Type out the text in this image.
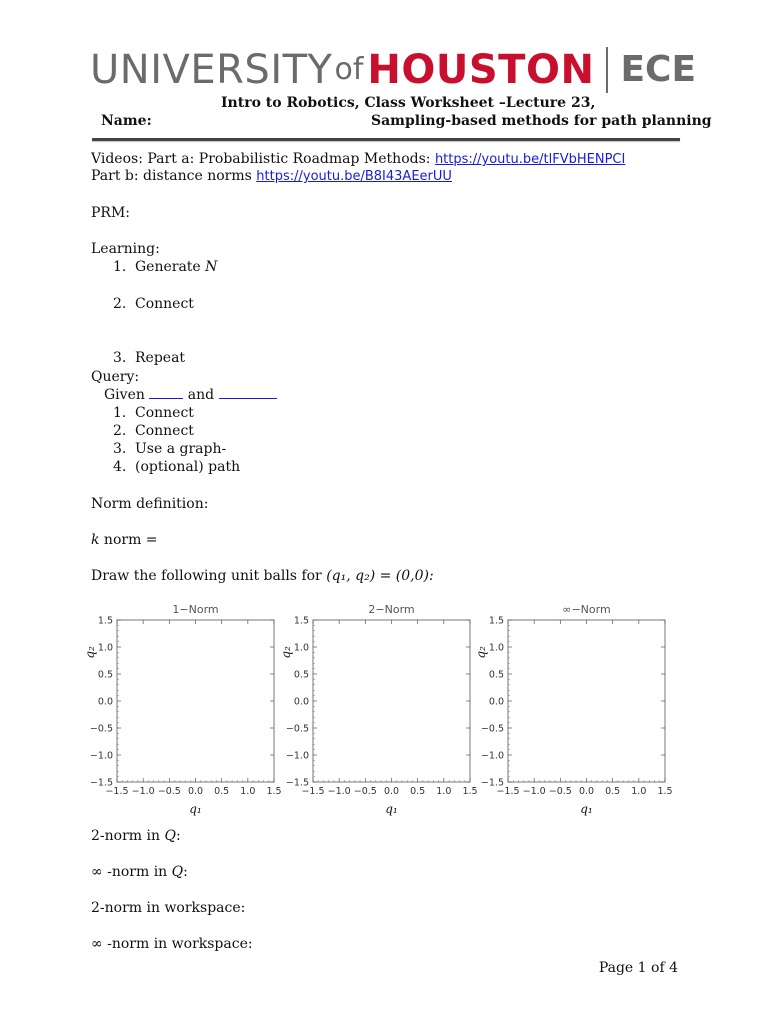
UNIVERSITY of HOUSTON ECE
Intro to Robotics, Class Worksheet –Lecture 23,
Name:	Sampling-based methods for path planning
Videos: Part a: Probabilistic Roadmap Methods: https://youtu.be/tlFVbHENPCI
Part b: distance norms https://youtu.be/B8I43AEerUU
PRM:
Learning:
1. Generate N
2. Connect
3. Repeat
Query:
Given	and
1. Connect
2. Connect
3. Use a graph-
4. (optional) path
Norm definition:
k norm =
Draw the following unit balls for (q₁, q₂) = (0,0):
1−Norm
−1.5
−1.5
−1.0
−1.0
−0.5
−0.5
0.0
0.0
0.5
0.5
1.0
1.0
1.5
1.5
q₁
q₂
2−Norm
−1.5
−1.5
−1.0
−1.0
−0.5
−0.5
0.0
0.0
0.5
0.5
1.0
1.0
1.5
1.5
q₁
q₂
∞−Norm
−1.5
−1.5
−1.0
−1.0
−0.5
−0.5
0.0
0.0
0.5
0.5
1.0
1.0
1.5
1.5
q₁
q₂
2-norm in Q:
∞ -norm in Q:
2-norm in workspace:
∞ -norm in workspace:
Page 1 of 4
